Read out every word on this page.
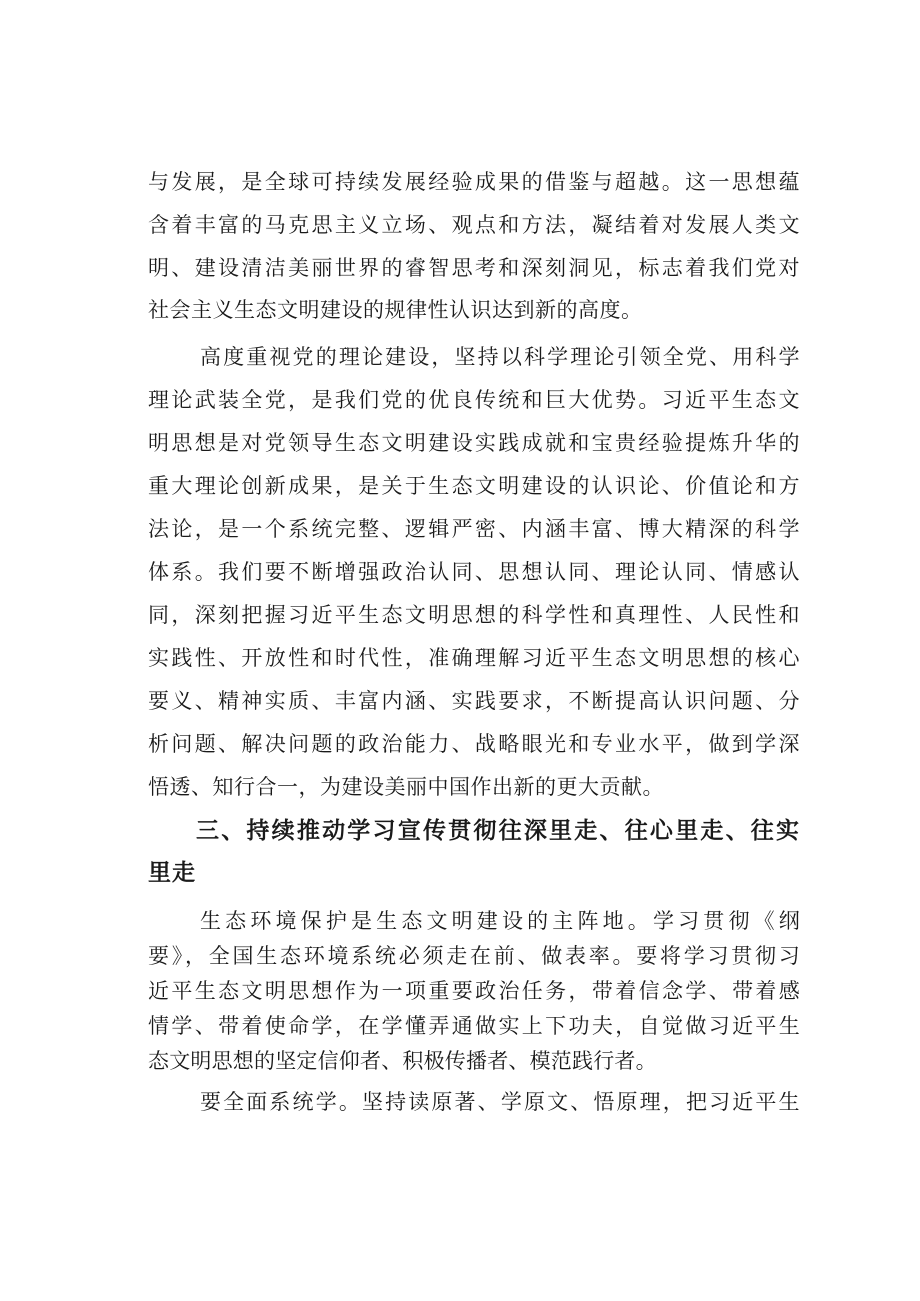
与发展，是全球可持续发展经验成果的借鉴与超越。这一思想蕴
含着丰富的马克思主义立场、观点和方法，凝结着对发展人类文
明、建设清洁美丽世界的睿智思考和深刻洞见，标志着我们党对
社会主义生态文明建设的规律性认识达到新的高度。
高度重视党的理论建设，坚持以科学理论引领全党、用科学
理论武装全党，是我们党的优良传统和巨大优势。习近平生态文
明思想是对党领导生态文明建设实践成就和宝贵经验提炼升华的
重大理论创新成果，是关于生态文明建设的认识论、价值论和方
法论，是一个系统完整、逻辑严密、内涵丰富、博大精深的科学
体系。我们要不断增强政治认同、思想认同、理论认同、情感认
同，深刻把握习近平生态文明思想的科学性和真理性、人民性和
实践性、开放性和时代性，准确理解习近平生态文明思想的核心
要义、精神实质、丰富内涵、实践要求，不断提高认识问题、分
析问题、解决问题的政治能力、战略眼光和专业水平，做到学深
悟透、知行合一，为建设美丽中国作出新的更大贡献。
三、持续推动学习宣传贯彻往深里走、往心里走、往实
里走
生态环境保护是生态文明建设的主阵地。学习贯彻《纲
要》，全国生态环境系统必须走在前、做表率。要将学习贯彻习
近平生态文明思想作为一项重要政治任务，带着信念学、带着感
情学、带着使命学，在学懂弄通做实上下功夫，自觉做习近平生
态文明思想的坚定信仰者、积极传播者、模范践行者。
要全面系统学。坚持读原著、学原文、悟原理，把习近平生
